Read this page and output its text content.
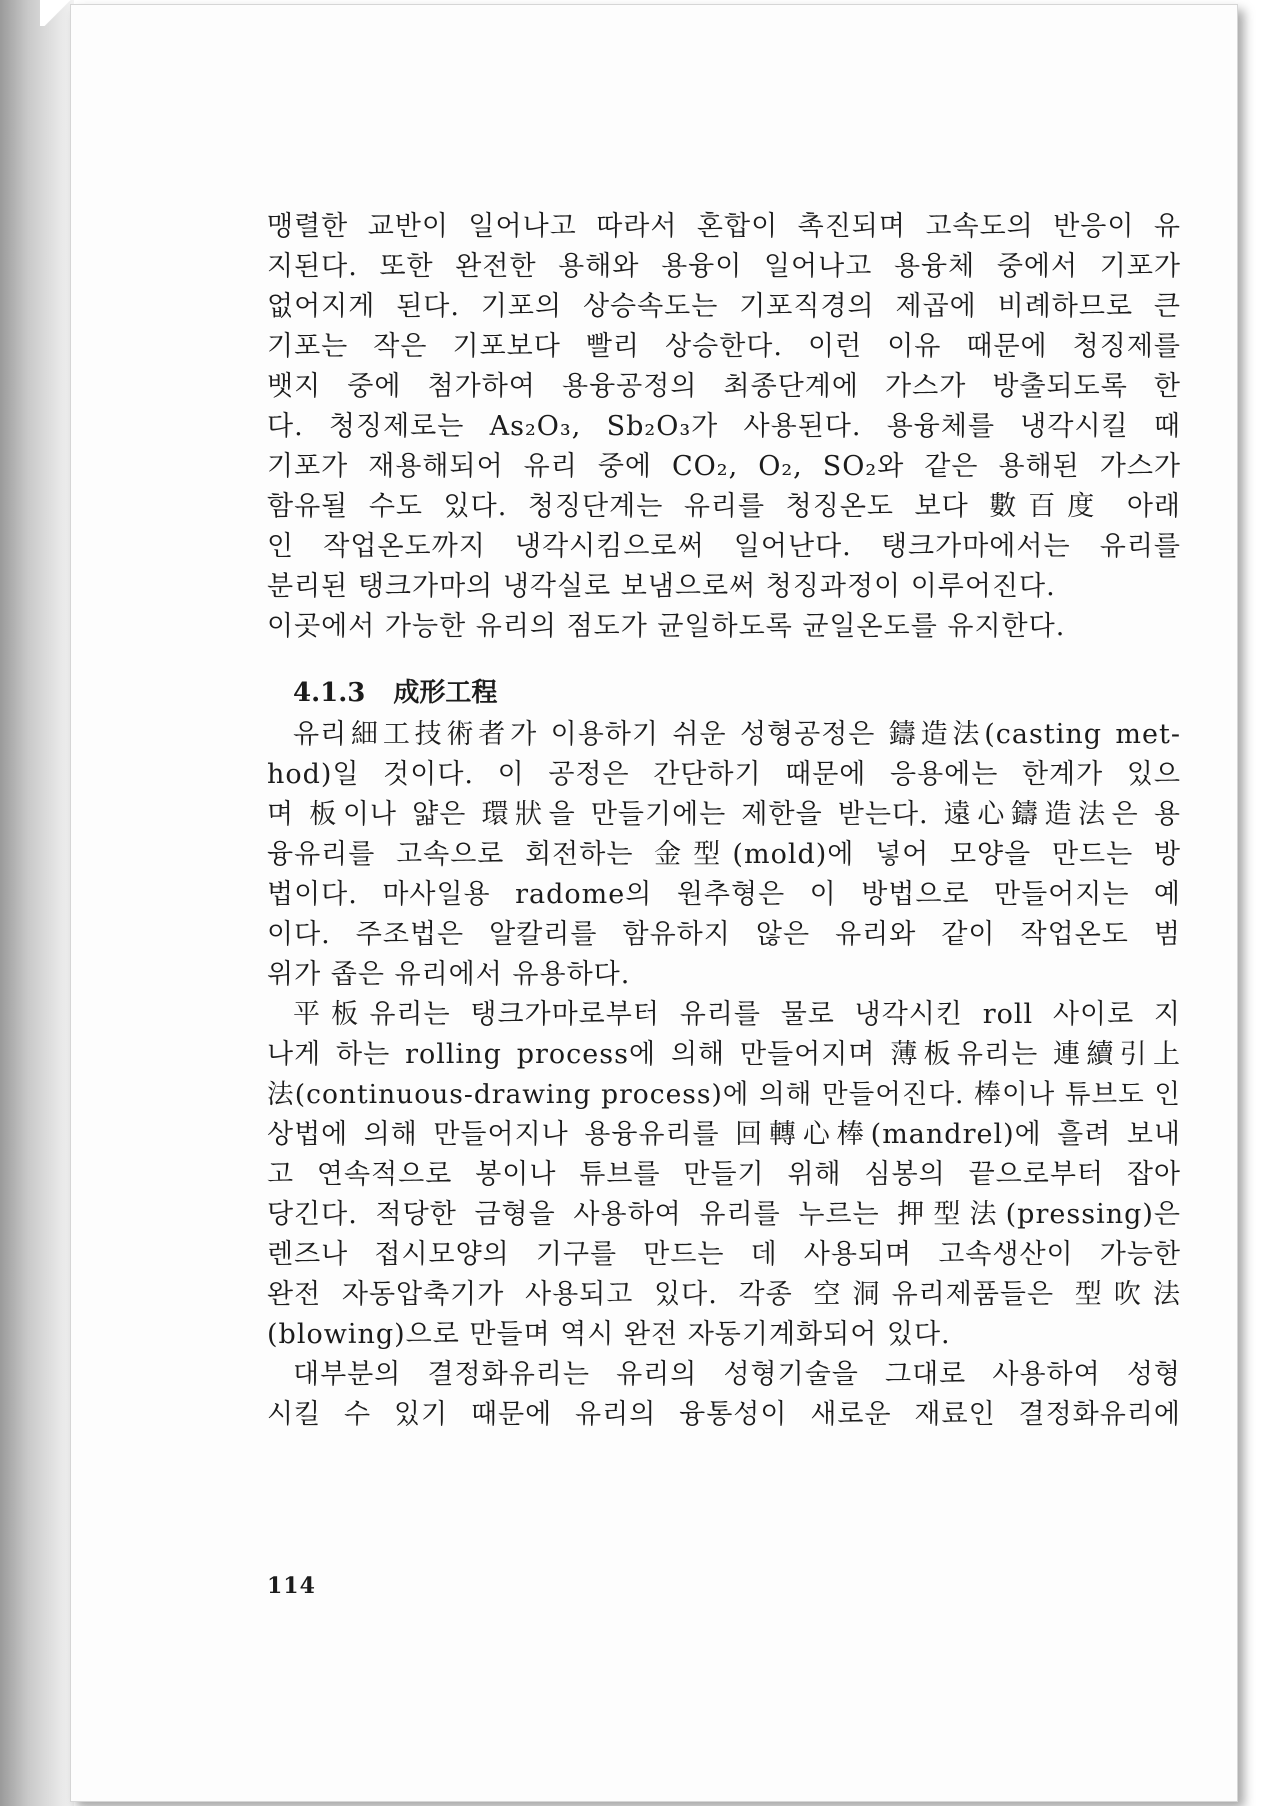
맹렬한 교반이 일어나고 따라서 혼합이 촉진되며 고속도의 반응이 유
지된다. 또한 완전한 용해와 용융이 일어나고 용융체 중에서 기포가
없어지게 된다. 기포의 상승속도는 기포직경의 제곱에 비례하므로 큰
기포는 작은 기포보다 빨리 상승한다. 이런 이유 때문에 청징제를
뱃지 중에 첨가하여 용융공정의 최종단계에 가스가 방출되도록 한
다. 청징제로는 As₂O₃, Sb₂O₃가 사용된다. 용융체를 냉각시킬 때
기포가 재용해되어 유리 중에 CO₂, O₂, SO₂와 같은 용해된 가스가
함유될 수도 있다. 청징단계는 유리를 청징온도 보다 數百度 아래
인 작업온도까지 냉각시킴으로써 일어난다. 탱크가마에서는 유리를
분리된 탱크가마의 냉각실로 보냄으로써 청징과정이 이루어진다.
이곳에서 가능한 유리의 점도가 균일하도록 균일온도를 유지한다.
4.1.3 成形工程
유리細工技術者가 이용하기 쉬운 성형공정은 鑄造法(casting met-
hod)일 것이다. 이 공정은 간단하기 때문에 응용에는 한계가 있으
며 板이나 얇은 環狀을 만들기에는 제한을 받는다. 遠心鑄造法은 용
융유리를 고속으로 회전하는 金型(mold)에 넣어 모양을 만드는 방
법이다. 마사일용 radome의 원추형은 이 방법으로 만들어지는 예
이다. 주조법은 알칼리를 함유하지 않은 유리와 같이 작업온도 범
위가 좁은 유리에서 유용하다.
平板유리는 탱크가마로부터 유리를 물로 냉각시킨 roll 사이로 지
나게 하는 rolling process에 의해 만들어지며 薄板유리는 連續引上
法(continuous-drawing process)에 의해 만들어진다. 棒이나 튜브도 인
상법에 의해 만들어지나 용융유리를 回轉心棒(mandrel)에 흘려 보내
고 연속적으로 봉이나 튜브를 만들기 위해 심봉의 끝으로부터 잡아
당긴다. 적당한 금형을 사용하여 유리를 누르는 押型法(pressing)은
렌즈나 접시모양의 기구를 만드는 데 사용되며 고속생산이 가능한
완전 자동압축기가 사용되고 있다. 각종 空洞유리제품들은 型吹法
(blowing)으로 만들며 역시 완전 자동기계화되어 있다.
대부분의 결정화유리는 유리의 성형기술을 그대로 사용하여 성형
시킬 수 있기 때문에 유리의 융통성이 새로운 재료인 결정화유리에
114
